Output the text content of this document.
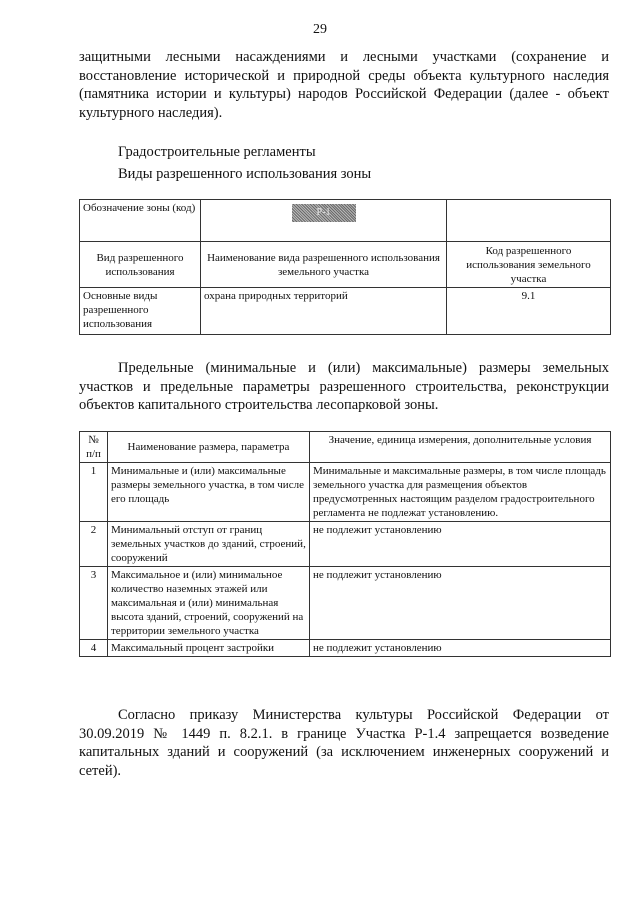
29

защитными лесными насаждениями и лесными участками (сохранение и восстановление исторической и природной среды объекта культурного наследия (памятника истории и культуры) народов Российской Федерации (далее - объект культурного наследия).

Градостроительные регламенты
Виды разрешенного использования зоны
Обозначение зоны (код)	Р-1	
Вид разрешенного использования	Наименование вида разрешенного использования земельного участка	Код разрешенного использования земельного участка
Основные виды разрешенного использования	охрана природных территорий	9.1

Предельные (минимальные и (или) максимальные) размеры земельных участков и предельные параметры разрешенного строительства, реконструкции объектов капитального строительства лесопарковой зоны.

№ п/п	Наименование размера, параметра	Значение, единица измерения, дополнительные условия
1	Минимальные и (или) максимальные размеры земельного участка, в том числе его площадь	Минимальные и максимальные размеры, в том числе площадь земельного участка для размещения объектов предусмотренных настоящим разделом градостроительного регламента не подлежат установлению.
2	Минимальный отступ от границ земельных участков до зданий, строений, сооружений	не подлежит установлению
3	Максимальное и (или) минимальное количество наземных этажей или максимальная и (или) минимальная высота зданий, строений, сооружений на территории земельного участка	не подлежит установлению
4	Максимальный процент застройки	не подлежит установлению

Согласно приказу Министерства культуры Российской Федерации от 30.09.2019 № 1449 п. 8.2.1. в границе Участка Р-1.4 запрещается возведение капитальных зданий и сооружений (за исключением инженерных сооружений и сетей).
